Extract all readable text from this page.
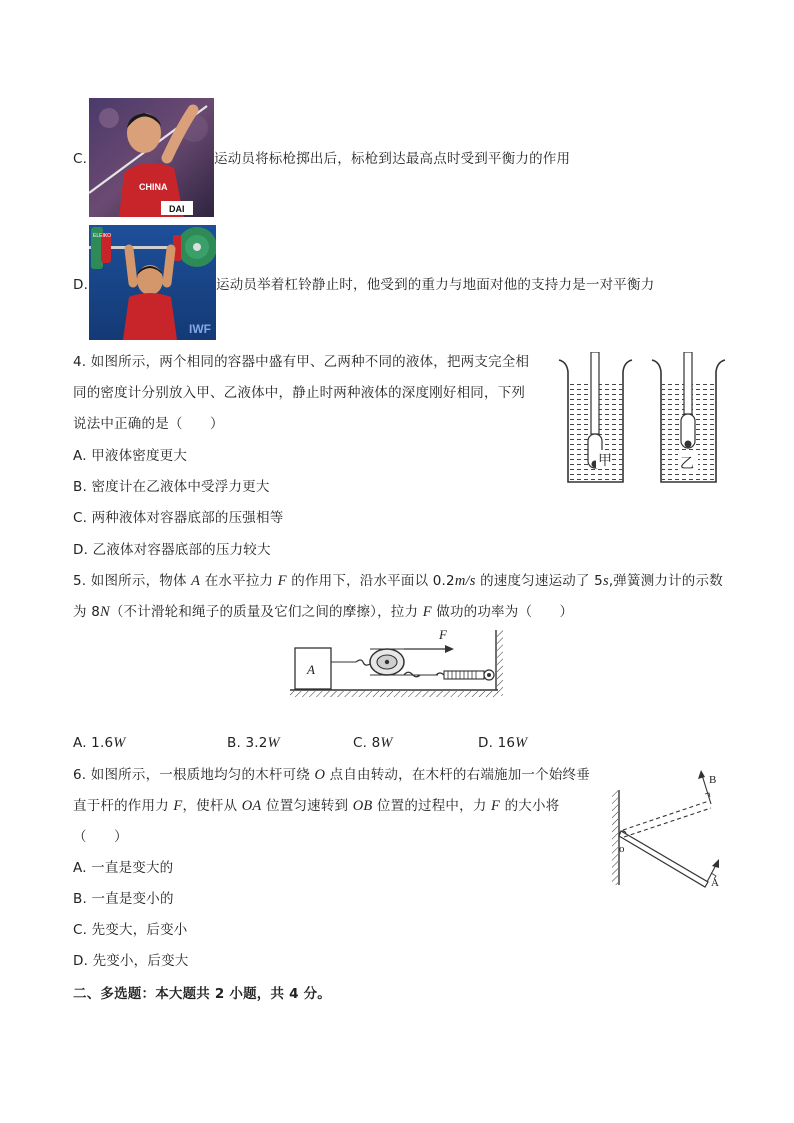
C.
CHINA
DAI
运动员将标枪掷出后，标枪到达最高点时受到平衡力的作用
D.
IWF
ELEIKO
运动员举着杠铃静止时，他受到的重力与地面对他的支持力是一对平衡力
4. 如图所示，两个相同的容器中盛有甲、乙两种不同的液体，把两支完全相
同的密度计分别放入甲、乙液体中，静止时两种液体的深度刚好相同，下列
说法中正确的是（　　）
A. 甲液体密度更大
B. 密度计在乙液体中受浮力更大
C. 两种液体对容器底部的压强相等
D. 乙液体对容器底部的压力较大
甲	乙
5. 如图所示，物体 A 在水平拉力 F 的作用下，沿水平面以 0.2m/s 的速度匀速运动了 5s,弹簧测力计的示数
为 8N（不计滑轮和绳子的质量及它们之间的摩擦），拉力 F 做功的功率为（　　）
A
F
A. 1.6W	B. 3.2W	C. 8W	D. 16W
6. 如图所示，一根质地均匀的木杆可绕 O 点自由转动，在木杆的右端施加一个始终垂
直于杆的作用力 F，使杆从 OA 位置匀速转到 OB 位置的过程中，力 F 的大小将
（　　）
A. 一直是变大的
B. 一直是变小的
C. 先变大，后变小
D. 先变小，后变大
o
A
B
二、多选题：本大题共 2 小题，共 4 分。
